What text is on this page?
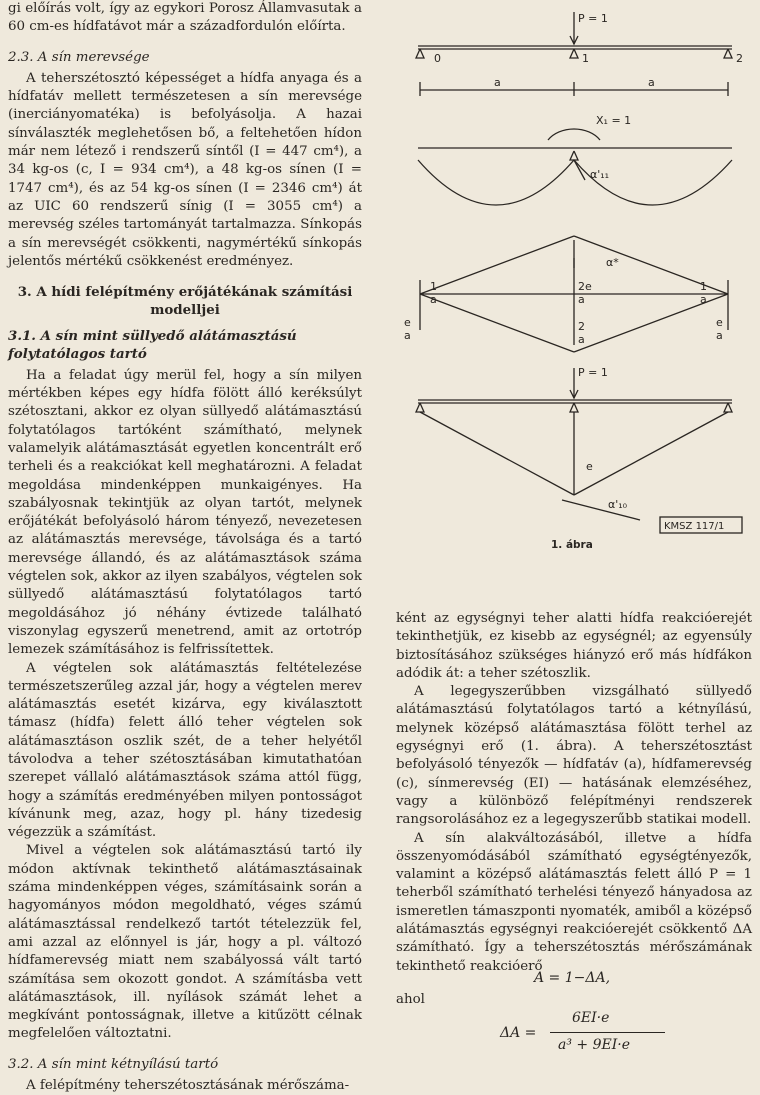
gi előírás volt, így az egykori Porosz Államvasutak a 60 cm-es hídfatávot már a századfordulón előírta.

2.3. A sín merevsége

A teherszétosztó képességet a hídfa anyaga és a hídfatáv mellett természetesen a sín merevsége (inerciányomatéka) is befolyásolja. A hazai sínválaszték meglehetősen bő, a feltehetően hídon már nem létező i rendszerű síntől (I = 447 cm⁴), a 34 kg-os (c, I = 934 cm⁴), a 48 kg-os sínen (I = 1747 cm⁴), és az 54 kg-os sínen (I = 2346 cm⁴) át az UIC 60 rendszerű sínig (I = 3055 cm⁴) a merevség széles tartományát tartalmazza. Sínkopás a sín merevségét csökkenti, nagymértékű sínkopás jelentős mértékű csökkenést eredményez.

3. A hídi felépítmény erőjátékának számítási modelljei
3.1. A sín mint süllyedő alátámasztású folytatólagos tartó

Ha a feladat úgy merül fel, hogy a sín milyen mértékben képes egy hídfa fölött álló keréksúlyt szétosztani, akkor ez olyan süllyedő alátámasztású folytatólagos tartóként számítható, melynek valamelyik alátámasztását egyetlen koncentrált erő terheli és a reakciókat kell meghatározni. A feladat megoldása mindenképpen munkaigényes. Ha szabályosnak tekintjük az olyan tartót, melynek erőjátékát befolyásoló három tényező, nevezetesen az alátámasztás merevsége, távolsága és a tartó merevsége állandó, és az alátámasztások száma végtelen sok, akkor az ilyen szabályos, végtelen sok süllyedő alátámasztású folytatólagos tartó megoldásához jó néhány évtizede található viszonylag egyszerű menetrend, amit az ortotróp lemezek számításához is felfrissítettek.

A végtelen sok alátámasztás feltételezése természetszerűleg azzal jár, hogy a végtelen merev alátámasztás esetét kizárva, egy kiválasztott támasz (hídfa) felett álló teher végtelen sok alátámasztáson oszlik szét, de a teher helyétől távolodva a teher szétosztásában kimutathatóan szerepet vállaló alátámasztások száma attól függ, hogy a számítás eredményében milyen pontosságot kívánunk meg, azaz, hogy pl. hány tizedesig végezzük a számítást.

Mivel a végtelen sok alátámasztású tartó ily módon aktívnak tekinthető alátámasztásainak száma mindenképpen véges, számításaink során a hagyományos módon megoldható, véges számú alátámasztással rendelkező tartót tételezzük fel, ami azzal az előnnyel is jár, hogy a pl. változó hídfamerevség miatt nem szabályossá vált tartó számítása sem okozott gondot. A számításba vett alátámasztások, ill. nyílások számát lehet a megkívánt pontosságnak, illetve a kitűzött célnak megfelelően változtatni.

3.2. A sín mint kétnyílású tartó

A felépítmény teherszétosztásának mérőszáma-

P = 1
0	1	2
a	a
X₁ = 1
α'₁₁
α*
1
a
1
a
e
a
e
a
2e
a
2
a
P = 1
e
α'₁₀
KMSZ 117/1
1. ábra

ként az egységnyi teher alatti hídfa reakcióerejét tekinthetjük, ez kisebb az egységnél; az egyensúly biztosításához szükséges hiányzó erő más hídfákon adódik át: a teher szétoszlik.

A legegyszerűbben vizsgálható süllyedő alátámasztású folytatólagos tartó a kétnyílású, melynek középső alátámasztása fölött terhel az egységnyi erő (1. ábra). A teherszétosztást befolyásoló tényezők — hídfatáv (a), hídfamerevség (c), sínmerevség (EI) — hatásának elemzéséhez, vagy a különböző felépítményi rendszerek rangsorolásához ez a legegyszerűbb statikai modell.

A sín alakváltozásából, illetve a hídfa összenyomódásából számítható egységtényezők, valamint a középső alátámasztás felett álló P = 1 teherből számítható terhelési tényező hányadosa az ismeretlen támaszponti nyomaték, amiből a középső alátámasztás egységnyi reakcióerejét csökkentő ΔA számítható. Így a teherszétosztás mérőszámának tekinthető reakcióerő

A = 1−ΔA,
ahol
6EI·e
ΔA =
a³ + 9EI·e
